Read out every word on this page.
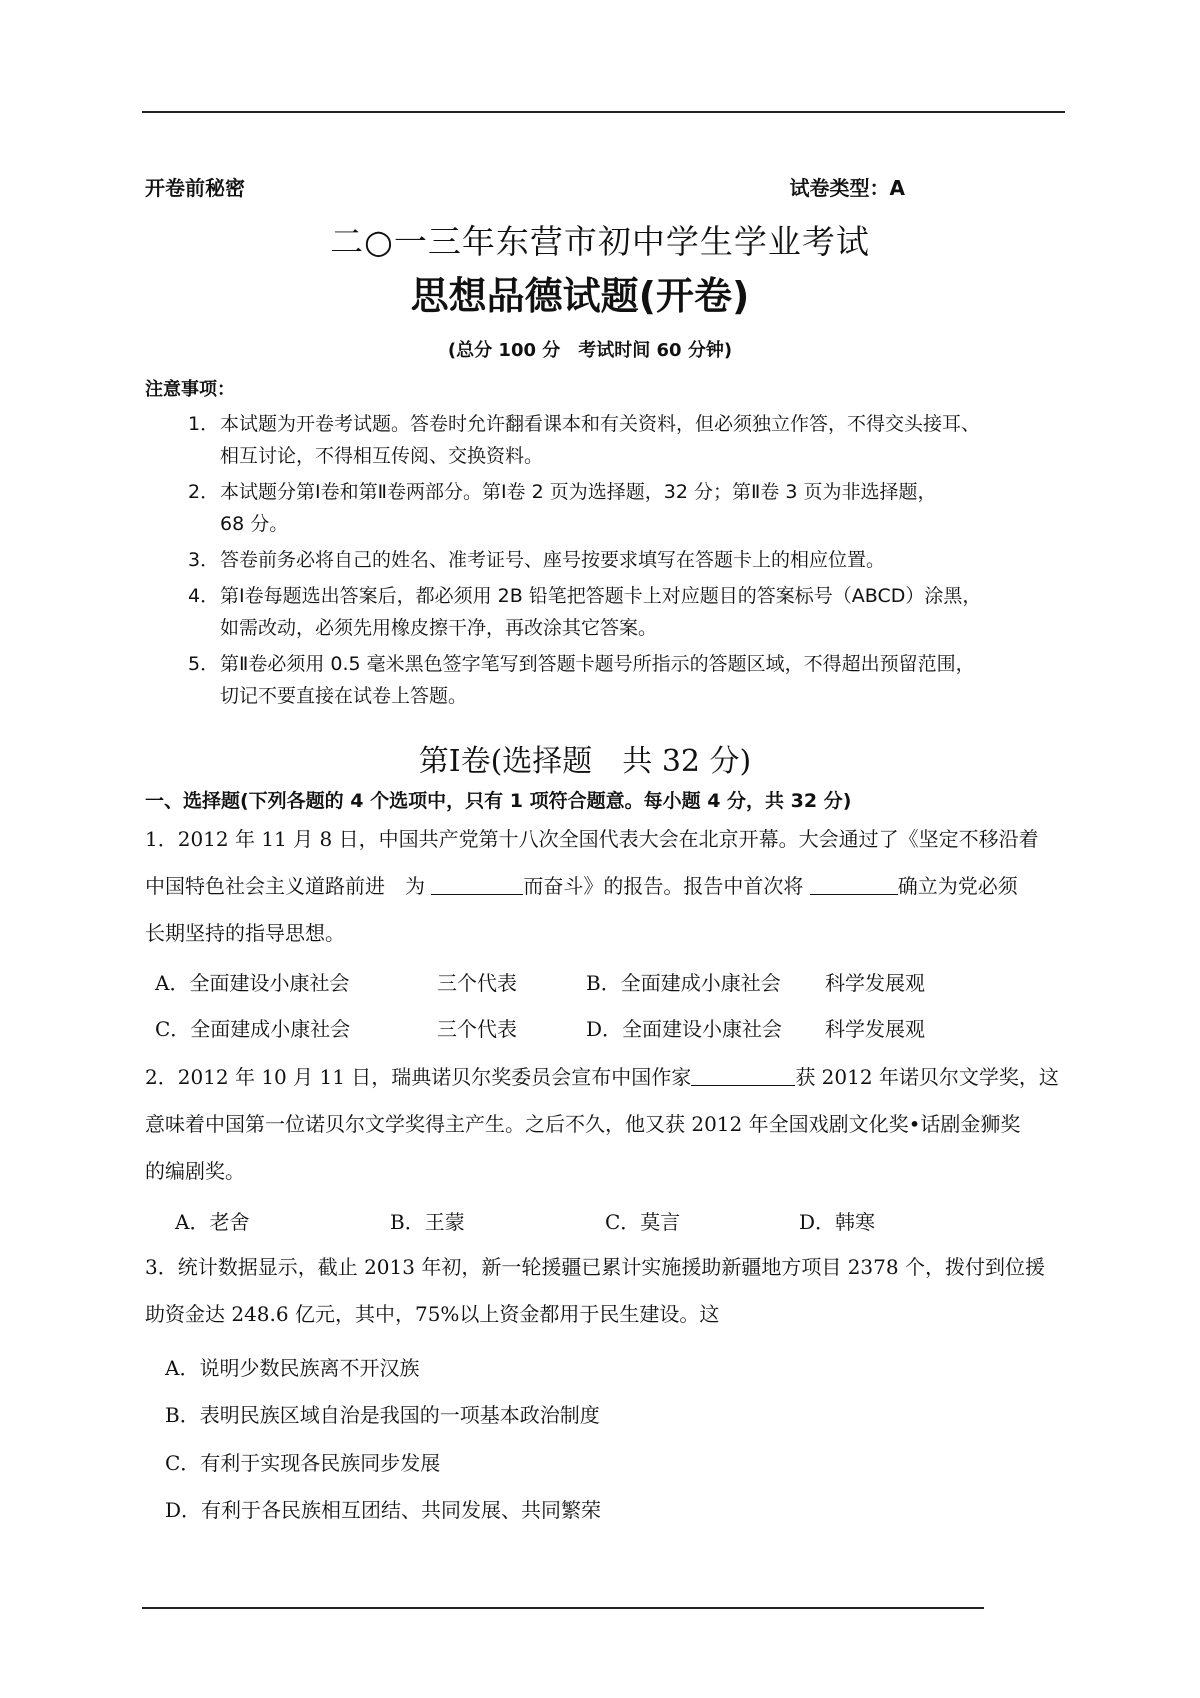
开卷前秘密	试卷类型：A
二○一三年东营市初中学生学业考试
思想品德试题(开卷)
(总分 100 分　考试时间 60 分钟)
注意事项：
1． 本试题为开卷考试题。答卷时允许翻看课本和有关资料，但必须独立作答，不得交头接耳、
相互讨论，不得相互传阅、交换资料。
2． 本试题分第Ⅰ卷和第Ⅱ卷两部分。第Ⅰ卷 2 页为选择题，32 分；第Ⅱ卷 3 页为非选择题，
68 分。
3． 答卷前务必将自己的姓名、准考证号、座号按要求填写在答题卡上的相应位置。
4． 第Ⅰ卷每题选出答案后，都必须用 2B 铅笔把答题卡上对应题目的答案标号（ABCD）涂黑，
如需改动，必须先用橡皮擦干净，再改涂其它答案。
5． 第Ⅱ卷必须用 0.5 毫米黑色签字笔写到答题卡题号所指示的答题区域，不得超出预留范围，
切记不要直接在试卷上答题。
第Ⅰ卷(选择题　共 32 分)
一、选择题(下列各题的 4 个选项中，只有 1 项符合题意。每小题 4 分，共 32 分)
1．2012 年 11 月 8 日，中国共产党第十八次全国代表大会在北京开幕。大会通过了《坚定不移沿着
中国特色社会主义道路前进　为	而奋斗》的报告。报告中首次将	确立为党必须
长期坚持的指导思想。
A．全面建设小康社会	三个代表	B．全面建成小康社会 科学发展观
C．全面建成小康社会	三个代表	D．全面建设小康社会 科学发展观
2．2012 年 10 月 11 日，瑞典诺贝尔奖委员会宣布中国作家	获 2012 年诺贝尔文学奖，这
意味着中国第一位诺贝尔文学奖得主产生。之后不久，他又获 2012 年全国戏剧文化奖•话剧金狮奖
的编剧奖。
A．老舍	B．王蒙	C．莫言	D．韩寒
3．统计数据显示，截止 2013 年初，新一轮援疆已累计实施援助新疆地方项目 2378 个，拨付到位援
助资金达 248.6 亿元，其中，75%以上资金都用于民生建设。这
A．说明少数民族离不开汉族
B．表明民族区域自治是我国的一项基本政治制度
C．有利于实现各民族同步发展
D．有利于各民族相互团结、共同发展、共同繁荣
